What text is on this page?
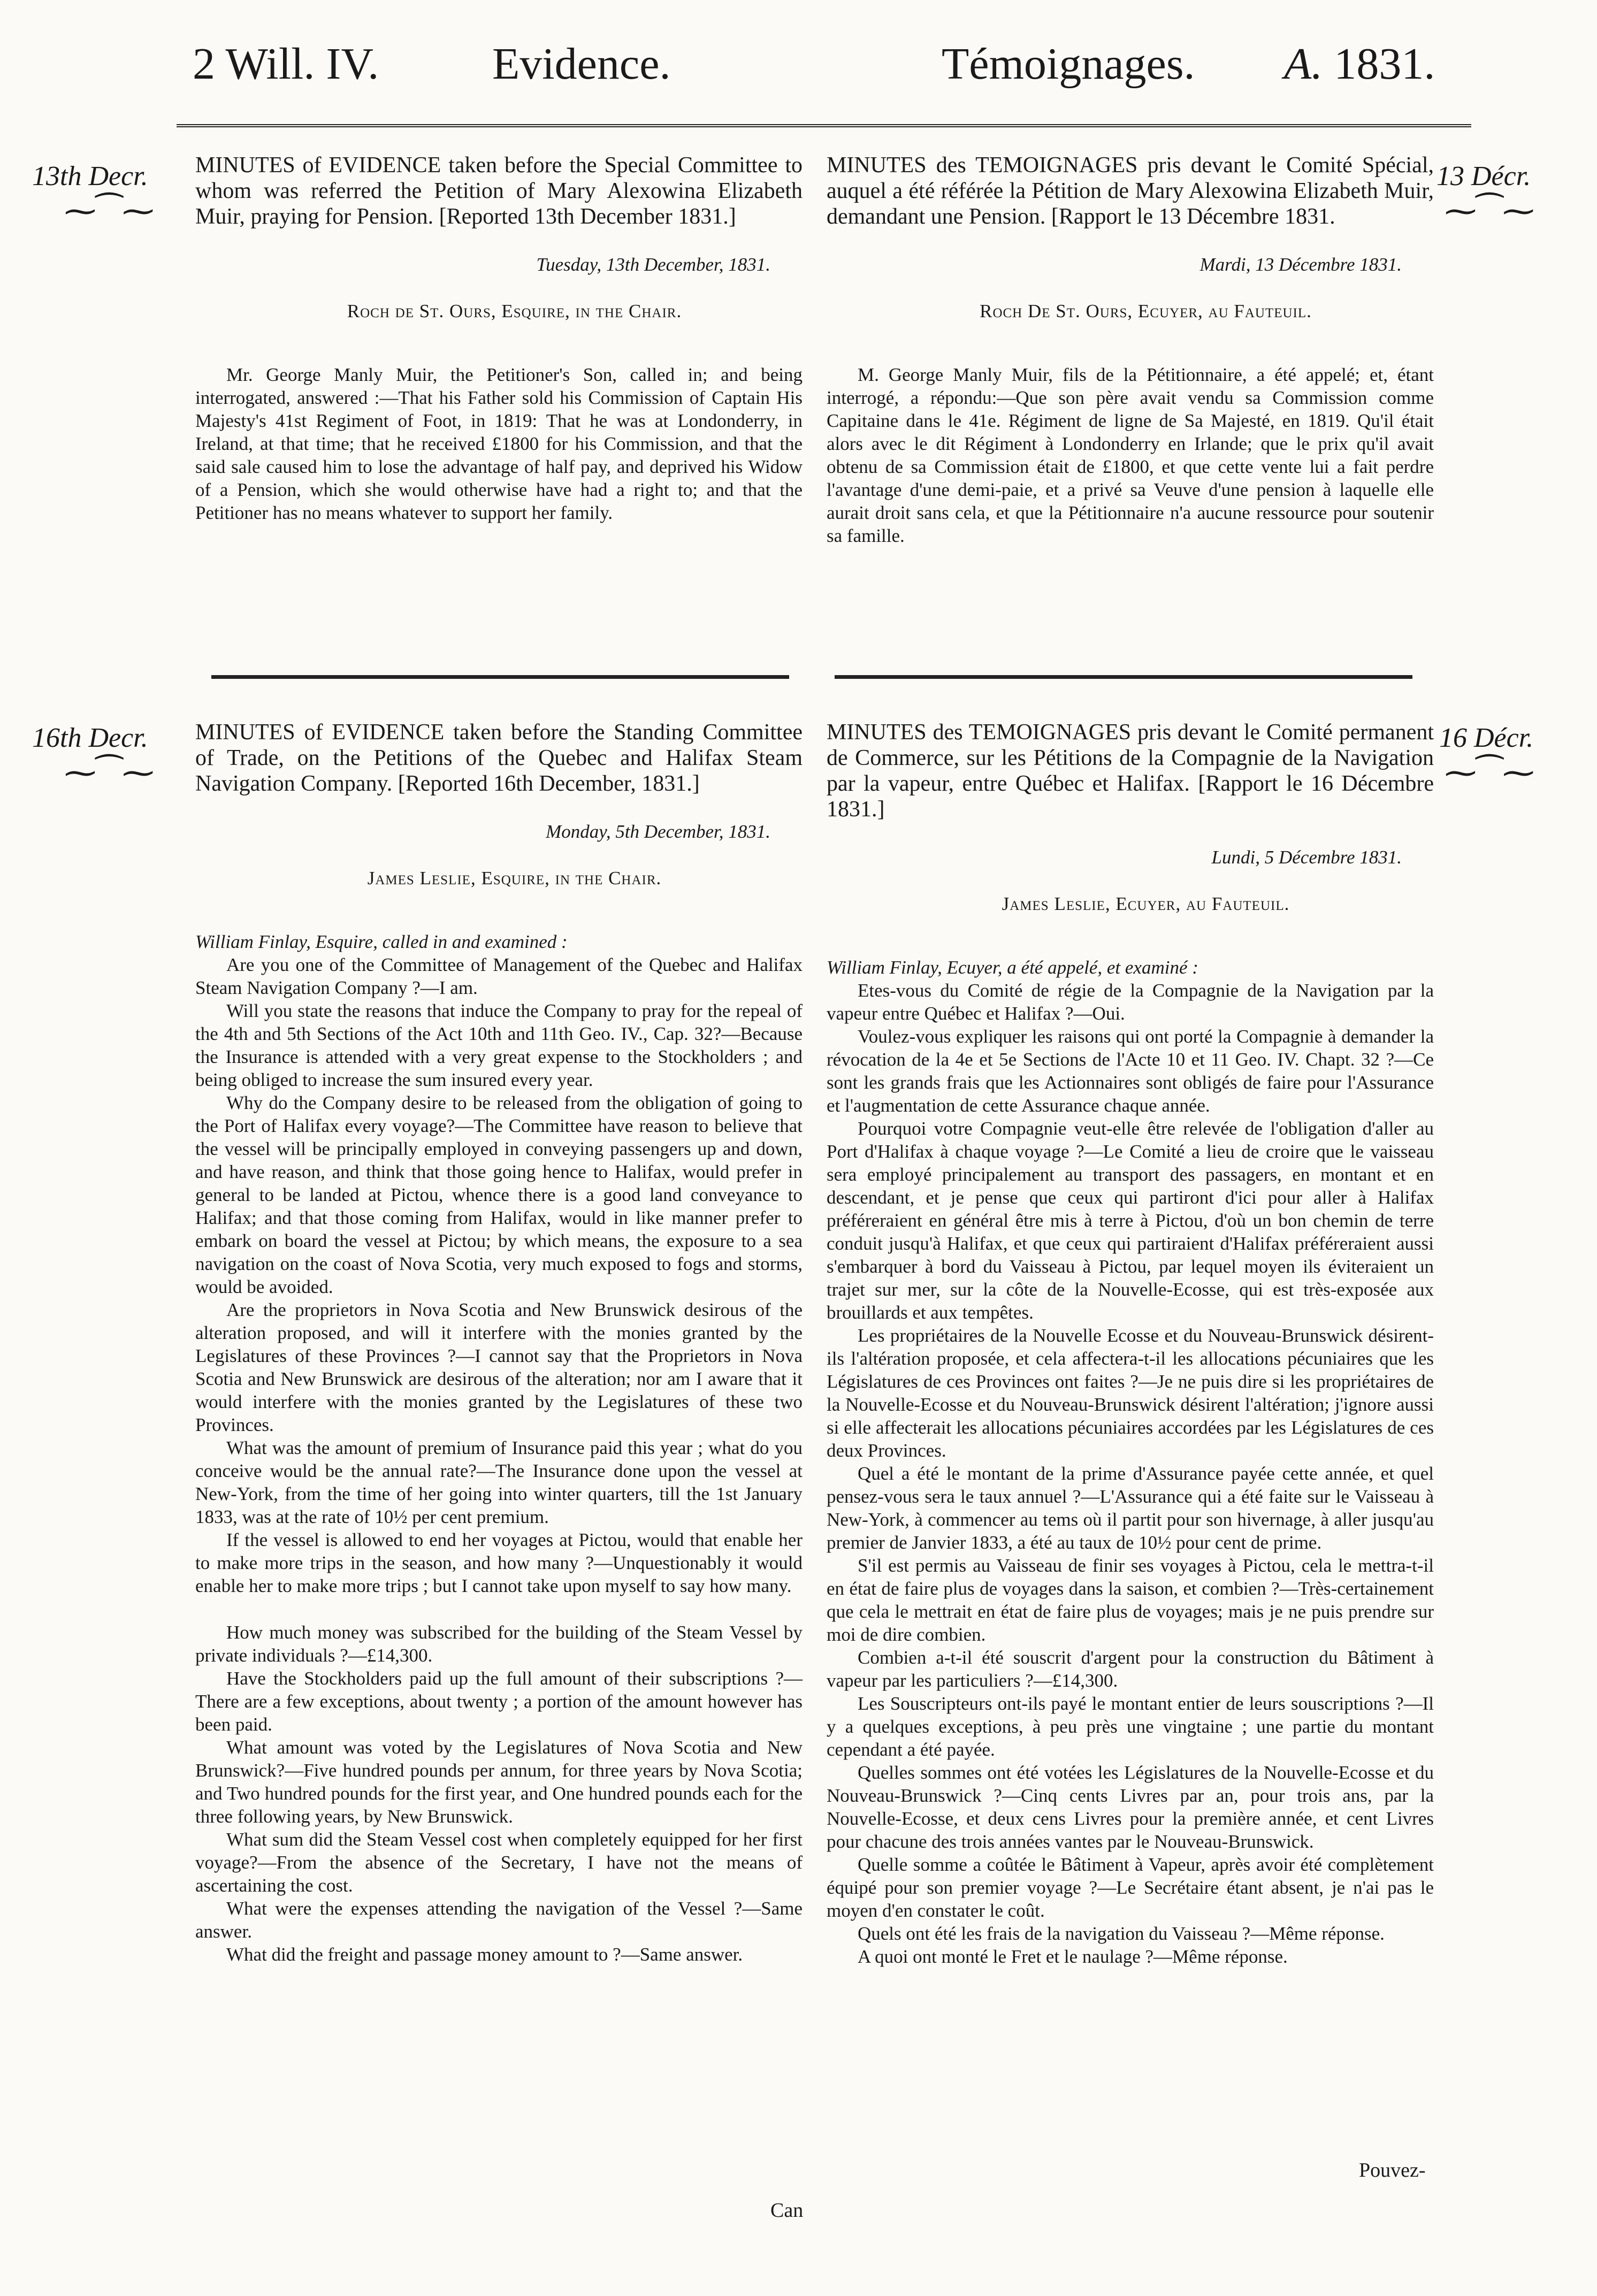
2 Will. IV.	Evidence.	Témoignages. A. 1831.
13th Decr.
⁓⁀⁓
13 Décr.
⁓⁀⁓

MINUTES of EVIDENCE taken before the Special Committee to whom was referred the Petition of Mary Alexowina Elizabeth Muir, praying for Pension. [Reported 13th December 1831.]

Tuesday, 13th December, 1831.

Roch de St. Ours, Esquire, in the Chair.

Mr. George Manly Muir, the Petitioner's Son, called in; and being interrogated, answered :—That his Father sold his Commission of Captain His Majesty's 41st Regiment of Foot, in 1819: That he was at Londonderry, in Ireland, at that time; that he received £1800 for his Commission, and that the said sale caused him to lose the advantage of half pay, and deprived his Widow of a Pension, which she would otherwise have had a right to; and that the Petitioner has no means whatever to support her family.

MINUTES des TEMOIGNAGES pris devant le Comité Spécial, auquel a été référée la Pétition de Mary Alexowina Elizabeth Muir, demandant une Pension. [Rapport le 13 Décembre 1831.

Mardi, 13 Décembre 1831.

Roch De St. Ours, Ecuyer, au Fauteuil.

M. George Manly Muir, fils de la Pétitionnaire, a été appelé; et, étant interrogé, a répondu:—Que son père avait vendu sa Commission comme Capitaine dans le 41e. Régiment de ligne de Sa Majesté, en 1819. Qu'il était alors avec le dit Régiment à Londonderry en Irlande; que le prix qu'il avait obtenu de sa Commission était de £1800, et que cette vente lui a fait perdre l'avantage d'une demi-paie, et a privé sa Veuve d'une pension à laquelle elle aurait droit sans cela, et que la Pétitionnaire n'a aucune ressource pour soutenir sa famille.

16th Decr.
⁓⁀⁓
16 Décr.
⁓⁀⁓

MINUTES of EVIDENCE taken before the Standing Committee of Trade, on the Petitions of the Quebec and Halifax Steam Navigation Company. [Reported 16th December, 1831.]

Monday, 5th December, 1831.

James Leslie, Esquire, in the Chair.

William Finlay, Esquire, called in and examined :

Are you one of the Committee of Management of the Quebec and Halifax Steam Navigation Company ?—I am.

Will you state the reasons that induce the Company to pray for the repeal of the 4th and 5th Sections of the Act 10th and 11th Geo. IV., Cap. 32?—Because the Insurance is attended with a very great expense to the Stockholders ; and being obliged to increase the sum insured every year.

Why do the Company desire to be released from the obligation of going to the Port of Halifax every voyage?—The Committee have reason to believe that the vessel will be principally employed in conveying passengers up and down, and have reason, and think that those going hence to Halifax, would prefer in general to be landed at Pictou, whence there is a good land conveyance to Halifax; and that those coming from Halifax, would in like manner prefer to embark on board the vessel at Pictou; by which means, the exposure to a sea navigation on the coast of Nova Scotia, very much exposed to fogs and storms, would be avoided.

Are the proprietors in Nova Scotia and New Brunswick desirous of the alteration proposed, and will it interfere with the monies granted by the Legislatures of these Provinces ?—I cannot say that the Proprietors in Nova Scotia and New Brunswick are desirous of the alteration; nor am I aware that it would interfere with the monies granted by the Legislatures of these two Provinces.

What was the amount of premium of Insurance paid this year ; what do you conceive would be the annual rate?—The Insurance done upon the vessel at New-York, from the time of her going into winter quarters, till the 1st January 1833, was at the rate of 10½ per cent premium.

If the vessel is allowed to end her voyages at Pictou, would that enable her to make more trips in the season, and how many ?—Unquestionably it would enable her to make more trips ; but I cannot take upon myself to say how many.

How much money was subscribed for the building of the Steam Vessel by private individuals ?—£14,300.

Have the Stockholders paid up the full amount of their subscriptions ?—There are a few exceptions, about twenty ; a portion of the amount however has been paid.

What amount was voted by the Legislatures of Nova Scotia and New Brunswick?—Five hundred pounds per annum, for three years by Nova Scotia; and Two hundred pounds for the first year, and One hundred pounds each for the three following years, by New Brunswick.

What sum did the Steam Vessel cost when completely equipped for her first voyage?—From the absence of the Secretary, I have not the means of ascertaining the cost.

What were the expenses attending the navigation of the Vessel ?—Same answer.

What did the freight and passage money amount to ?—Same answer.

MINUTES des TEMOIGNAGES pris devant le Comité permanent de Commerce, sur les Pétitions de la Compagnie de la Navigation par la vapeur, entre Québec et Halifax. [Rapport le 16 Décembre 1831.]

Lundi, 5 Décembre 1831.

James Leslie, Ecuyer, au Fauteuil.

William Finlay, Ecuyer, a été appelé, et examiné :

Etes-vous du Comité de régie de la Compagnie de la Navigation par la vapeur entre Québec et Halifax ?—Oui.

Voulez-vous expliquer les raisons qui ont porté la Compagnie à demander la révocation de la 4e et 5e Sections de l'Acte 10 et 11 Geo. IV. Chapt. 32 ?—Ce sont les grands frais que les Actionnaires sont obligés de faire pour l'Assurance et l'augmentation de cette Assurance chaque année.

Pourquoi votre Compagnie veut-elle être relevée de l'obligation d'aller au Port d'Halifax à chaque voyage ?—Le Comité a lieu de croire que le vaisseau sera employé principalement au transport des passagers, en montant et en descendant, et je pense que ceux qui partiront d'ici pour aller à Halifax préféreraient en général être mis à terre à Pictou, d'où un bon chemin de terre conduit jusqu'à Halifax, et que ceux qui partiraient d'Halifax préféreraient aussi s'embarquer à bord du Vaisseau à Pictou, par lequel moyen ils éviteraient un trajet sur mer, sur la côte de la Nouvelle-Ecosse, qui est très-exposée aux brouillards et aux tempêtes.

Les propriétaires de la Nouvelle Ecosse et du Nouveau-Brunswick désirent-ils l'altération proposée, et cela affectera-t-il les allocations pécuniaires que les Législatures de ces Provinces ont faites ?—Je ne puis dire si les propriétaires de la Nouvelle-Ecosse et du Nouveau-Brunswick désirent l'altération; j'ignore aussi si elle affecterait les allocations pécuniaires accordées par les Législatures de ces deux Provinces.

Quel a été le montant de la prime d'Assurance payée cette année, et quel pensez-vous sera le taux annuel ?—L'Assurance qui a été faite sur le Vaisseau à New-York, à commencer au tems où il partit pour son hivernage, à aller jusqu'au premier de Janvier 1833, a été au taux de 10½ pour cent de prime.

S'il est permis au Vaisseau de finir ses voyages à Pictou, cela le mettra-t-il en état de faire plus de voyages dans la saison, et combien ?—Très-certainement que cela le mettrait en état de faire plus de voyages; mais je ne puis prendre sur moi de dire combien.

Combien a-t-il été souscrit d'argent pour la construction du Bâtiment à vapeur par les particuliers ?—£14,300.

Les Souscripteurs ont-ils payé le montant entier de leurs souscriptions ?—Il y a quelques exceptions, à peu près une vingtaine ; une partie du montant cependant a été payée.

Quelles sommes ont été votées les Législatures de la Nouvelle-Ecosse et du Nouveau-Brunswick ?—Cinq cents Livres par an, pour trois ans, par la Nouvelle-Ecosse, et deux cens Livres pour la première année, et cent Livres pour chacune des trois années vantes par le Nouveau-Brunswick.

Quelle somme a coûtée le Bâtiment à Vapeur, après avoir été complètement équipé pour son premier voyage ?—Le Secrétaire étant absent, je n'ai pas le moyen d'en constater le coût.

Quels ont été les frais de la navigation du Vaisseau ?—Même réponse.

A quoi ont monté le Fret et le naulage ?—Même réponse.

Can
Pouvez-
